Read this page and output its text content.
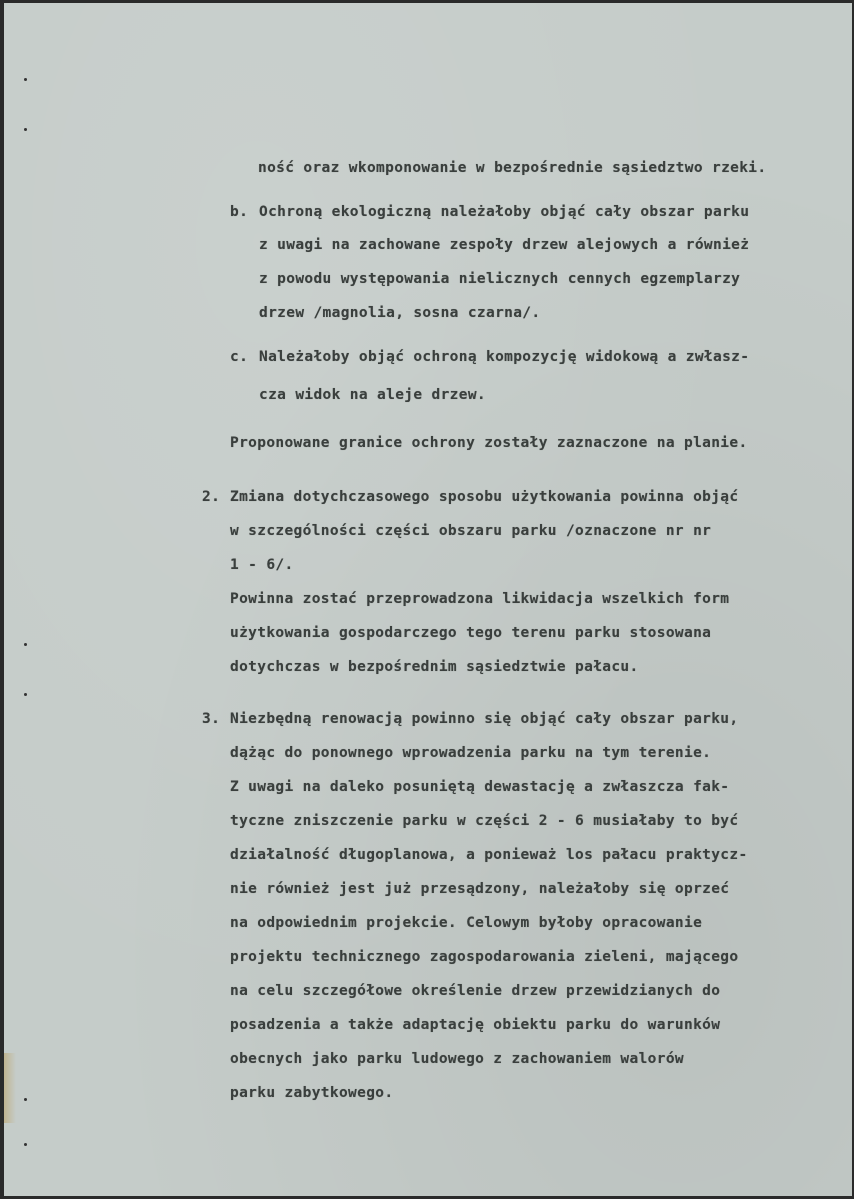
ność oraz wkomponowanie w bezpośrednie sąsiedztwo rzeki.
b. Ochroną ekologiczną należałoby objąć cały obszar parku
z uwagi na zachowane zespoły drzew alejowych a również
z powodu występowania nielicznych cennych egzemplarzy
drzew /magnolia, sosna czarna/.
c. Należałoby objąć ochroną kompozycję widokową a zwłasz-
cza widok na aleje drzew.
Proponowane granice ochrony zostały zaznaczone na planie.
2. Zmiana dotychczasowego sposobu użytkowania powinna objąć
w szczególności części obszaru parku /oznaczone nr nr
1 - 6/.
Powinna zostać przeprowadzona likwidacja wszelkich form
użytkowania gospodarczego tego terenu parku stosowana
dotychczas w bezpośrednim sąsiedztwie pałacu.
3. Niezbędną renowacją powinno się objąć cały obszar parku,
dążąc do ponownego wprowadzenia parku na tym terenie.
Z uwagi na daleko posuniętą dewastację a zwłaszcza fak-
tyczne zniszczenie parku w części 2 - 6 musiałaby to być
działalność długoplanowa, a ponieważ los pałacu praktycz-
nie również jest już przesądzony, należałoby się oprzeć
na odpowiednim projekcie. Celowym byłoby opracowanie
projektu technicznego zagospodarowania zieleni, mającego
na celu szczegółowe określenie drzew przewidzianych do
posadzenia a także adaptację obiektu parku do warunków
obecnych jako parku ludowego z zachowaniem walorów
parku zabytkowego.
